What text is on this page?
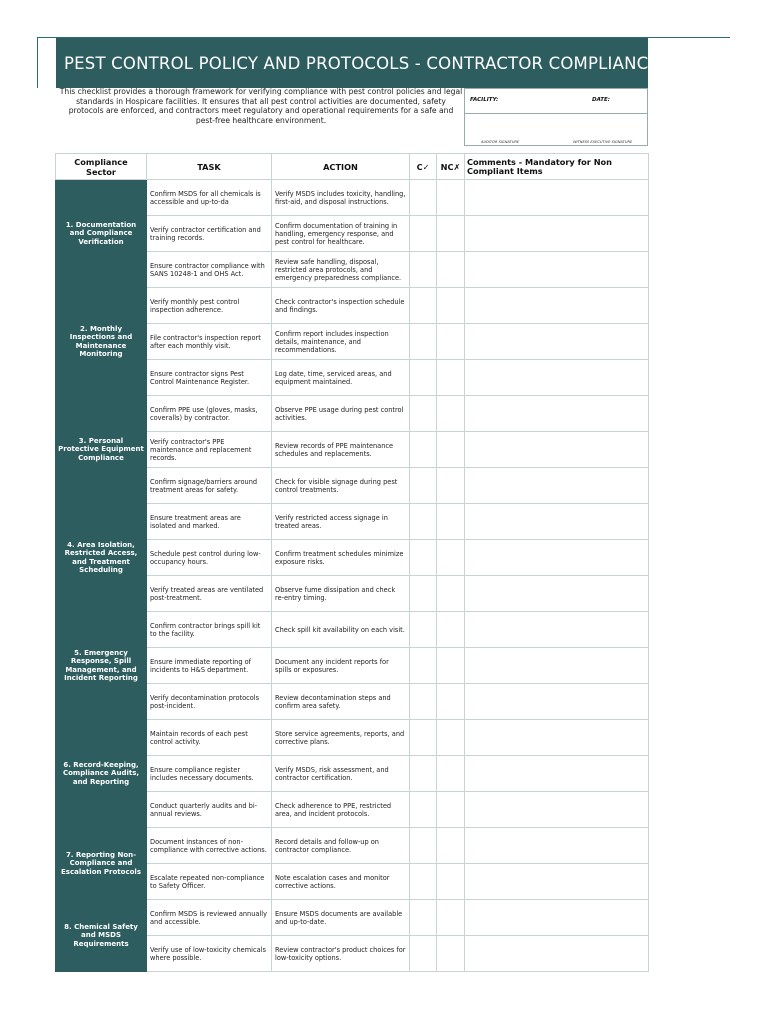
PEST CONTROL POLICY AND PROTOCOLS - CONTRACTOR COMPLIANCE
This checklist provides a thorough framework for verifying compliance with pest control policies and legal standards in Hospicare facilities. It ensures that all pest control activities are documented, safety protocols are enforced, and contractors meet regulatory and operational requirements for a safe and pest-free healthcare environment.
FACILITY:	DATE:
AUDITOR SIGNATURE	WITNESS EXECUTIVE SIGNATURE
Compliance Sector	TASK	ACTION	C✓	NC✗	Comments - Mandatory for Non Compliant Items
1. Documentation and Compliance Verification	Confirm MSDS for all chemicals is accessible and up-to-da	Verify MSDS includes toxicity, handling, first-aid, and disposal instructions.			
	Verify contractor certification and training records.	Confirm documentation of training in handling, emergency response, and pest control for healthcare.			
	Ensure contractor compliance with SANS 10248-1 and OHS Act.	Review safe handling, disposal, restricted area protocols, and emergency preparedness compliance.			
2. Monthly Inspections and Maintenance Monitoring	Verify monthly pest control inspection adherence.	Check contractor's inspection schedule and findings.			
	File contractor's inspection report after each monthly visit.	Confirm report includes inspection details, maintenance, and recommendations.			
	Ensure contractor signs Pest Control Maintenance Register.	Log date, time, serviced areas, and equipment maintained.			
3. Personal Protective Equipment Compliance	Confirm PPE use (gloves, masks, coveralls) by contractor.	Observe PPE usage during pest control activities.			
	Verify contractor's PPE maintenance and replacement records.	Review records of PPE maintenance schedules and replacements.			
	Confirm signage/barriers around treatment areas for safety.	Check for visible signage during pest control treatments.			
4. Area Isolation, Restricted Access, and Treatment Scheduling	Ensure treatment areas are isolated and marked.	Verify restricted access signage in treated areas.			
	Schedule pest control during low-occupancy hours.	Confirm treatment schedules minimize exposure risks.			
	Verify treated areas are ventilated post-treatment.	Observe fume dissipation and check re-entry timing.			
5. Emergency Response, Spill Management, and Incident Reporting	Confirm contractor brings spill kit to the facility.	Check spill kit availability on each visit.			
	Ensure immediate reporting of incidents to H&S department.	Document any incident reports for spills or exposures.			
	Verify decontamination protocols post-incident.	Review decontamination steps and confirm area safety.			
6. Record-Keeping, Compliance Audits, and Reporting	Maintain records of each pest control activity.	Store service agreements, reports, and corrective plans.			
	Ensure compliance register includes necessary documents.	Verify MSDS, risk assessment, and contractor certification.			
	Conduct quarterly audits and bi-annual reviews.	Check adherence to PPE, restricted area, and incident protocols.			
7. Reporting Non-Compliance and Escalation Protocols	Document instances of non-compliance with corrective actions.	Record details and follow-up on contractor compliance.			
	Escalate repeated non-compliance to Safety Officer.	Note escalation cases and monitor corrective actions.			
8. Chemical Safety and MSDS Requirements	Confirm MSDS is reviewed annually and accessible.	Ensure MSDS documents are available and up-to-date.			
	Verify use of low-toxicity chemicals where possible.	Review contractor's product choices for low-toxicity options.			
